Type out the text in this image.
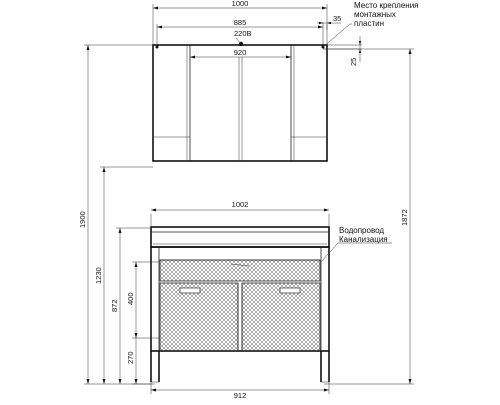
1000
885	35
220В
920
25
Место крепления
монтажных
пластин
1900	1872
1230
1002
872
400
270
912
Водопровод
Канализация
